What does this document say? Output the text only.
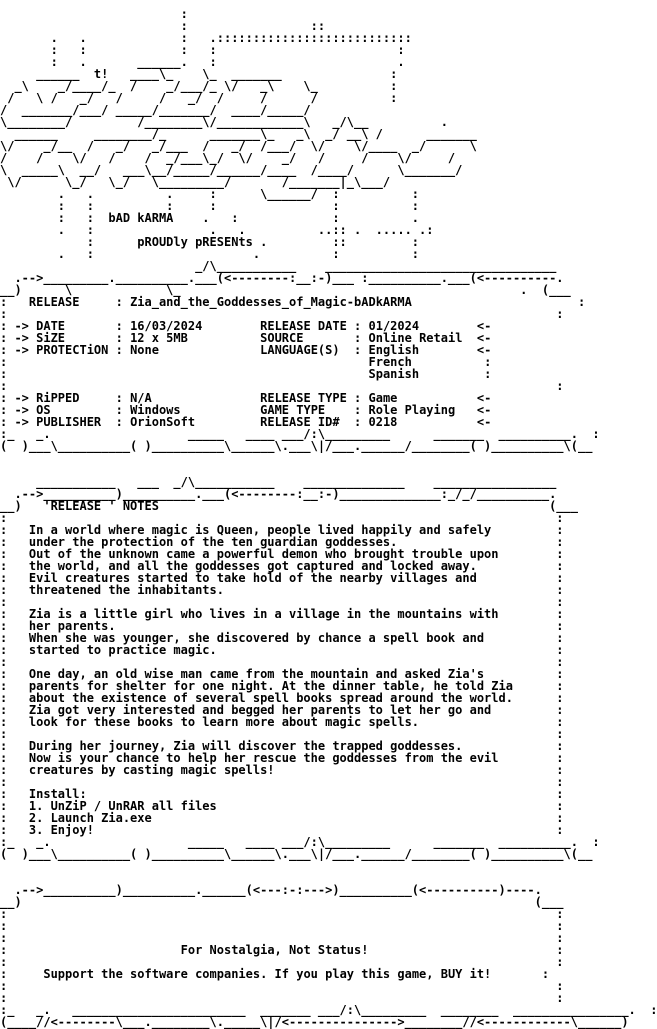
:
:                 ::
.   .             :   .:::::::::::::::::::::::::::
:   :             :   :                         :
:   .       ______.   :                         .
______  t!   ____\_    \_  _______               :
_\    _/____/_  /    _/___/_ \/   _\    \_          :
/   \ /   _/   /     /   _/  /     /      /          :
/  _______/___/ _____/_______/  ____/_____/
\________/         /________\/____________\   _/\__          .
______     ________/_      _______\_   _\  _/ __\ /      _______
\/    _/__  /   _/   _/___  /   _/  /___/  \/    \/____  _/      \
/    /    \/   /    /  _/___\_/  \/    _/   /     /    \/     /
\  _____\  __/   ___\__/_____/______/____  /____/      \_______/
\/      \_/   \_/   \_________/       /_______|_\___/
.   .          .     :      \______/  :          :
:   :          :     :                :          :
:   :  bAD kARMA    .   :             :          .
.   :                .   .          ..:: .  ..... .:
:      pROUDly pRESENts .         ::         :
.   :                      .          :          :
_/\___________    ________________________________
.-->_________.__________.___(<--------:__:-)___ :__________.___(<----------.
__)      \             \_                                               .  (___
:   RELEASE     : Zia_and_the_Goddesses_of_Magic-bADkARMA                       :
:                                                                            :
: -> DATE       : 16/03/2024        RELEASE DATE : 01/2024        <-
: -> SiZE       : 12 x 5MB          SOURCE       : Online Retail  <-
: -> PROTECTiON : None              LANGUAGE(S)  : English        <-
:	French          :
:	Spanish         :
:                                                                            :
: -> RiPPED     : N/A               RELEASE TYPE : Game           <-
: -> OS         : Windows           GAME TYPE    : Role Playing   <-
: -> PUBLISHER  : OrionSoft         RELEASE ID#  : 0218           <-
:_   _.                   _____   ____ ___/:\_________      _______  __________.  :
(  )___\__________( )__________\______\.___\|/___.______/________( )__________\(__

___________   ___  _/\___________    ______________    _________________
.-->__________)__________.___(<--------:__:-)______________:_/_/__________.
__)   'RELEASE ' NOTES                                                      (___
:                                                                            :
:   In a world where magic is Queen, people lived happily and safely         :
:   under the protection of the ten guardian goddesses.                      :
:   Out of the unknown came a powerful demon who brought trouble upon        :
:   the world, and all the goddesses got captured and locked away.           :
:   Evil creatures started to take hold of the nearby villages and           :
:   threatened the inhabitants.                                              :
:                                                                            :
:   Zia is a little girl who lives in a village in the mountains with        :
:   her parents.                                                             :
:   When she was younger, she discovered by chance a spell book and          :
:   started to practice magic.                                               :
:                                                                            :
:   One day, an old wise man came from the mountain and asked Zia's          :
:   parents for shelter for one night. At the dinner table, he told Zia      :
:   about the existence of several spell books spread around the world.      :
:   Zia got very interested and begged her parents to let her go and         :
:   look for these books to learn more about magic spells.                   :
:                                                                            :
:   During her journey, Zia will discover the trapped goddesses.             :
:   Now is your chance to help her rescue the goddesses from the evil        :
:   creatures by casting magic spells!                                       :
:                                                                            :
:   Install:                                                                 :
:   1. UnZiP / UnRAR all files                                               :
:   2. Launch Zia.exe                                                        :
:   3. Enjoy!                                                                :
:_   _.                   _____   ____ ___/:\_________      _______  __________.  :
(  )___\__________( )__________\______\.___\|/___.______/________( )__________\(__

.-->__________)__________.______(<---:-:--->)__________(<----------)----.
__)                                                                       (___
:                                                                            :
:                                                                            :
:                                                                            :
:                        For Nostalgia, Not Status!                          :
:                                                                            :
:     Support the software companies. If you play this game, BUY it!       :
:                                                                            :
:                                                                            :
:_   _.   ________________________  _______ ___/:\_________  ________  ________________.  :
(____//<--------\___.________\._____\|/<--------------->________//<------------\______)
